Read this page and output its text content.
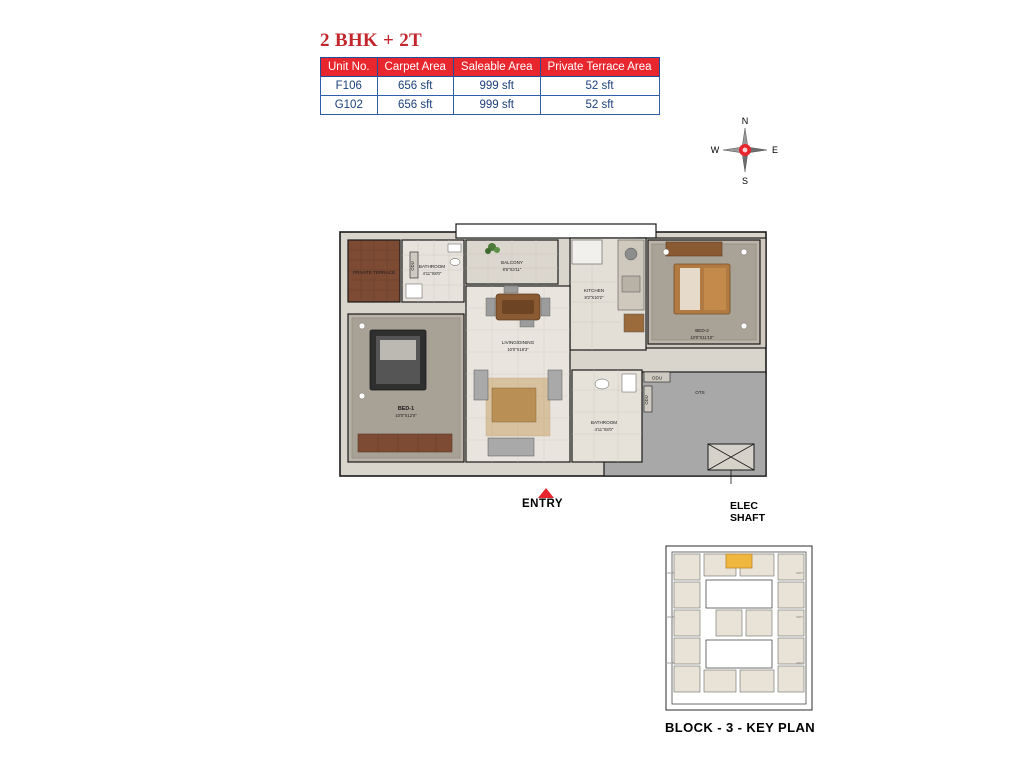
2 BHK + 2T
Unit No.	Carpet Area	Saleable Area	Private Terrace Area
F106	656 sft	999 sft	52 sft
G102	656 sft	999 sft	52 sft
N
E
S
W
PRIVATE TERRACE
BATHROOM
4'11"X8'0"
BALCONY
8'6"X3'11"
KITCHEN
8'2"X10'2"
LIVING/DINING
10'0"X18'3"
BED-2
10'0"X11'10"
BED-1
10'0"X12'0"
BATHROOM
4'11"X8'0"
ODU
ODU
ODU
OTS
ENTRY	ELEC
SHAFT
UNIT
UNIT
UNIT
UNIT
UNIT
UNIT
BLOCK - 3 - KEY PLAN
